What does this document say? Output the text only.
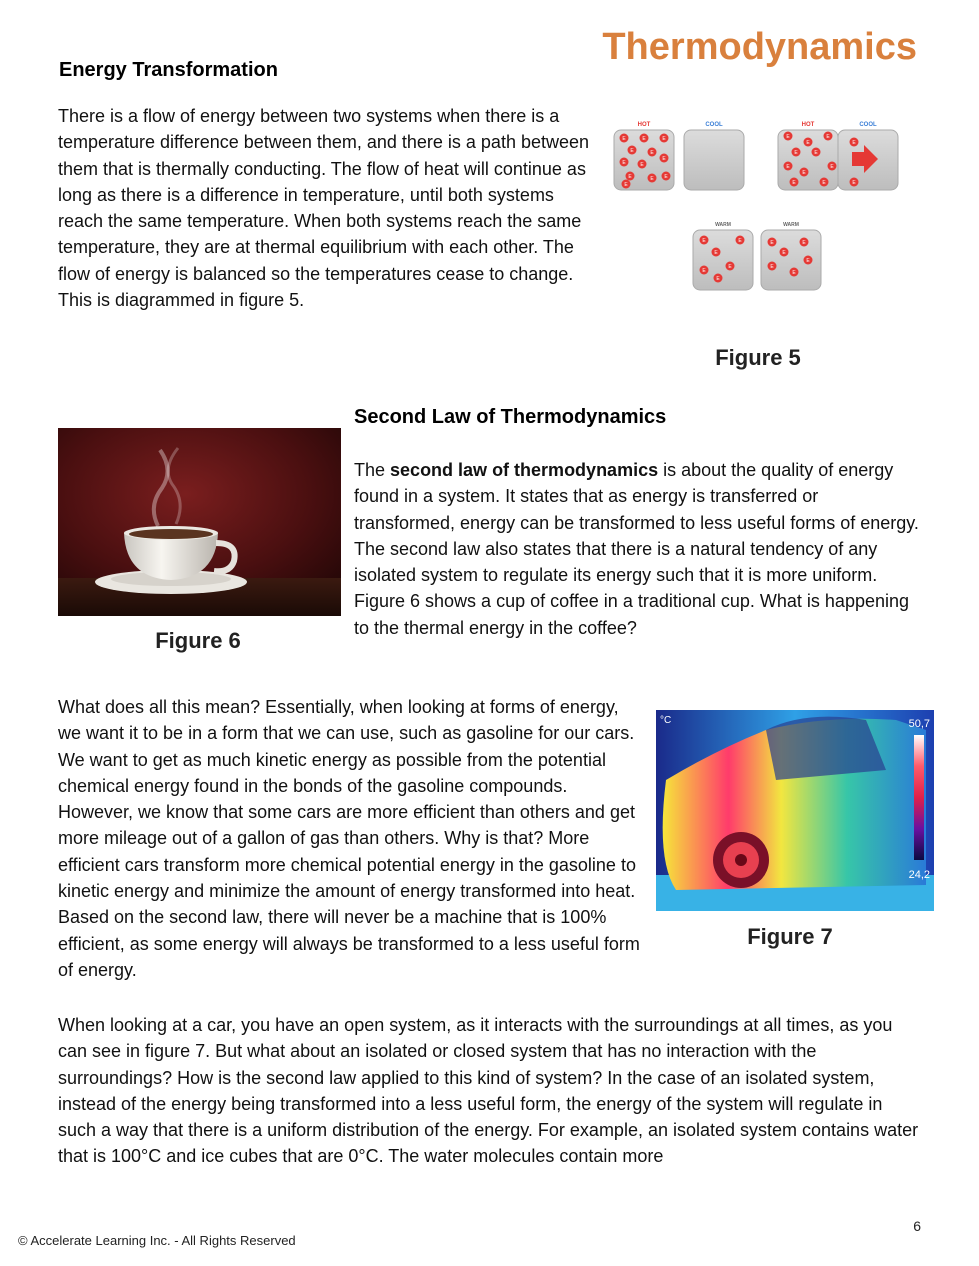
Thermodynamics
Energy Transformation

There is a flow of energy between two systems when there is a temperature difference between them, and there is a path between them that is thermally conducting. The flow of heat will continue as long as there is a difference in temperature, until both systems reach the same temperature. When both systems reach the same temperature, they are at thermal equilibrium with each other. The flow of energy is balanced so the temperatures cease to change. This is diagrammed in figure 5.

HOT	COOL
E	E	E
E	E
E
E
E
E	E E
E
HOT	COOL
E
E
E
E	E
E	E
E
E	E
E
E
WARM	WARM
E	E
E
E
E
E
E	E
E
E
E
E
Figure 5
Figure 6
Second Law of Thermodynamics

The second law of thermodynamics is about the quality of energy found in a system. It states that as energy is transferred or transformed, energy can be transformed to less useful forms of energy. The second law also states that there is a natural tendency of any isolated system to regulate its energy such that it is more uniform. Figure 6 shows a cup of coffee in a traditional cup. What is happening to the thermal energy in the coffee?

What does all this mean? Essentially, when looking at forms of energy, we want it to be in a form that we can use, such as gasoline for our cars. We want to get as much kinetic energy as possible from the potential chemical energy found in the bonds of the gasoline compounds. However, we know that some cars are more efficient than others and get more mileage out of a gallon of gas than others. Why is that? More efficient cars transform more chemical potential energy in the gasoline to kinetic energy and minimize the amount of energy transformed into heat. Based on the second law, there will never be a machine that is 100% efficient, as some energy will always be transformed to a less useful form of energy.

°C	50,7
24,2
Figure 7

When looking at a car, you have an open system, as it interacts with the surroundings at all times, as you can see in figure 7. But what about an isolated or closed system that has no interaction with the surroundings? How is the second law applied to this kind of system? In the case of an isolated system, instead of the energy being transformed into a less useful form, the energy of the system will regulate in such a way that there is a uniform distribution of the energy. For example, an isolated system contains water that is 100°C and ice cubes that are 0°C. The water molecules contain more

6
© Accelerate Learning Inc. - All Rights Reserved
